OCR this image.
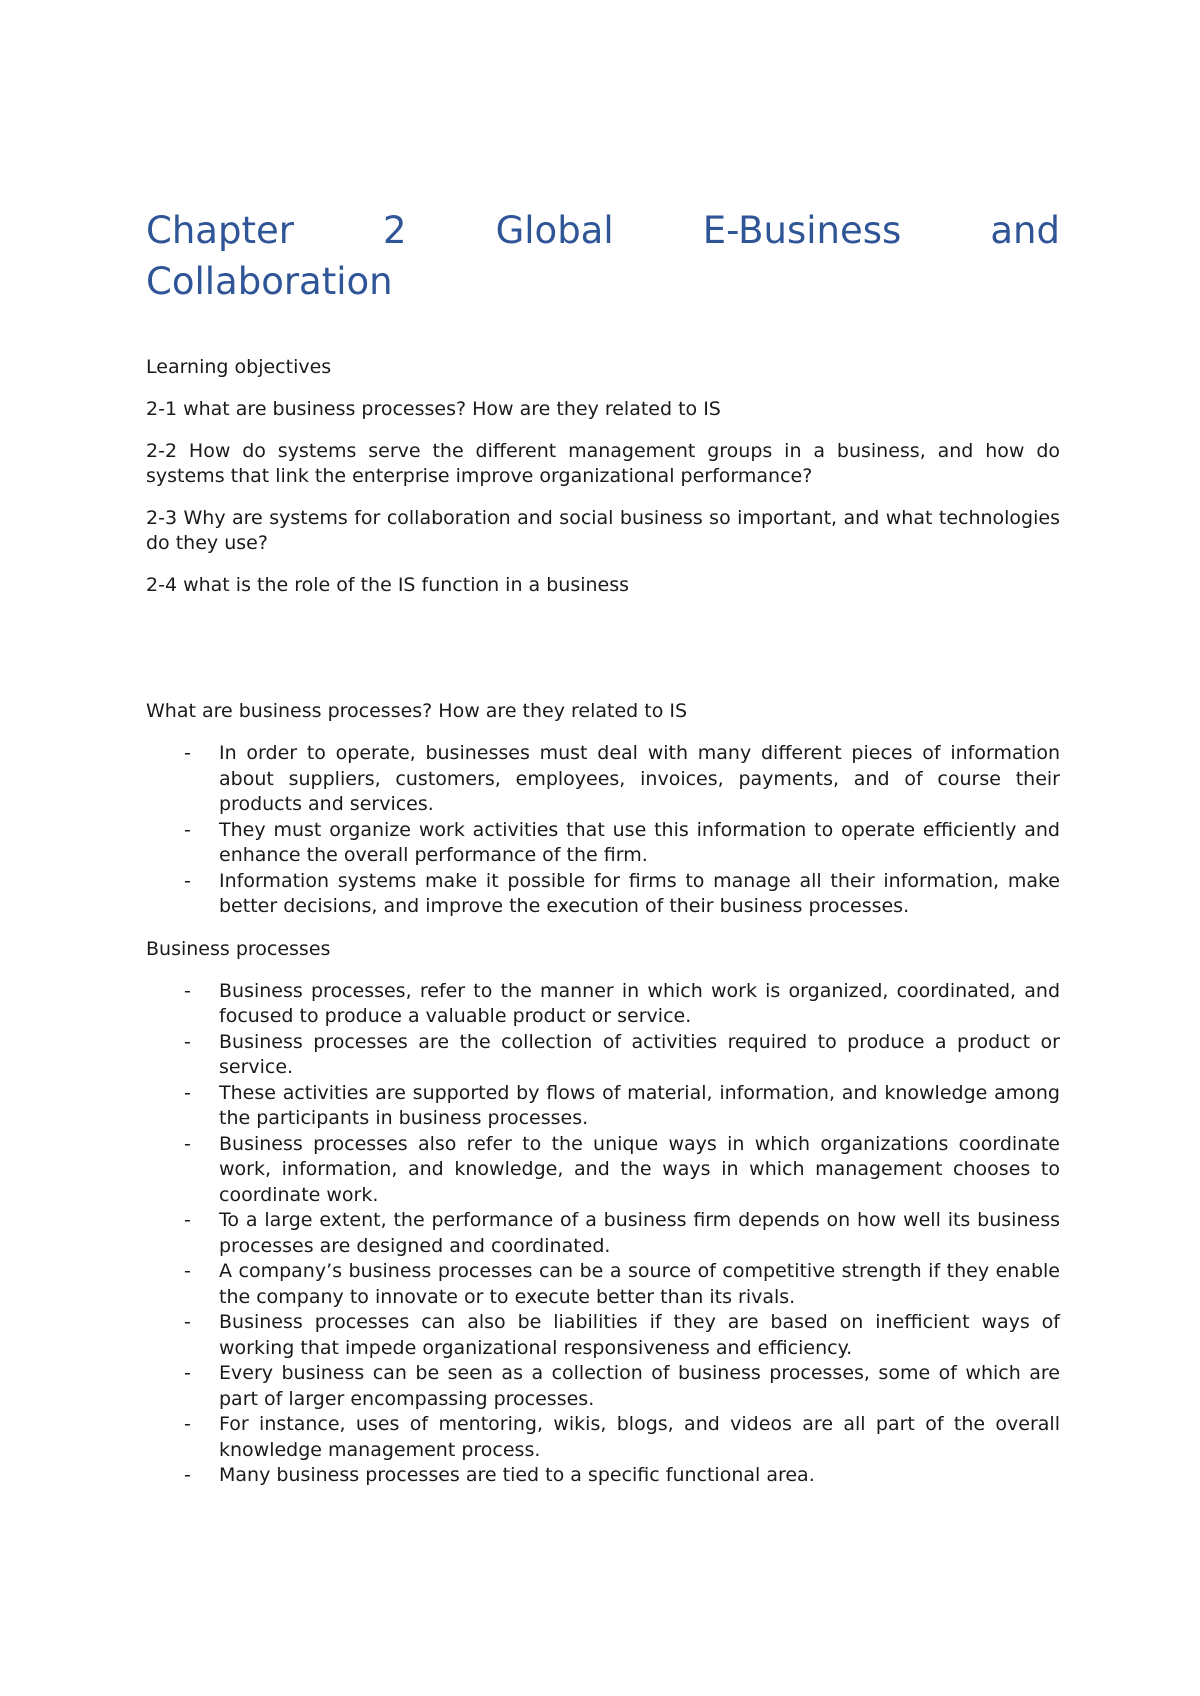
Chapter 2 Global E-Business and
Collaboration

Learning objectives

2-1 what are business processes? How are they related to IS

2-2 How do systems serve the different management groups in a business, and how do systems that link the enterprise improve organizational performance?

2-3 Why are systems for collaboration and social business so important, and what technologies do they use?

2-4 what is the role of the IS function in a business

What are business processes? How are they related to IS

- In order to operate, businesses must deal with many different pieces of information about suppliers, customers, employees, invoices, payments, and of course their products and services.
- They must organize work activities that use this information to operate efficiently and enhance the overall performance of the firm.
- Information systems make it possible for firms to manage all their information, make better decisions, and improve the execution of their business processes.

Business processes

- Business processes, refer to the manner in which work is organized, coordinated, and focused to produce a valuable product or service.
- Business processes are the collection of activities required to produce a product or service.
- These activities are supported by flows of material, information, and knowledge among the participants in business processes.
- Business processes also refer to the unique ways in which organizations coordinate work, information, and knowledge, and the ways in which management chooses to coordinate work.
- To a large extent, the performance of a business firm depends on how well its business processes are designed and coordinated.
- A company’s business processes can be a source of competitive strength if they enable the company to innovate or to execute better than its rivals.
- Business processes can also be liabilities if they are based on inefficient ways of working that impede organizational responsiveness and efficiency.
- Every business can be seen as a collection of business processes, some of which are part of larger encompassing processes.
- For instance, uses of mentoring, wikis, blogs, and videos are all part of the overall knowledge management process.
- Many business processes are tied to a specific functional area.
